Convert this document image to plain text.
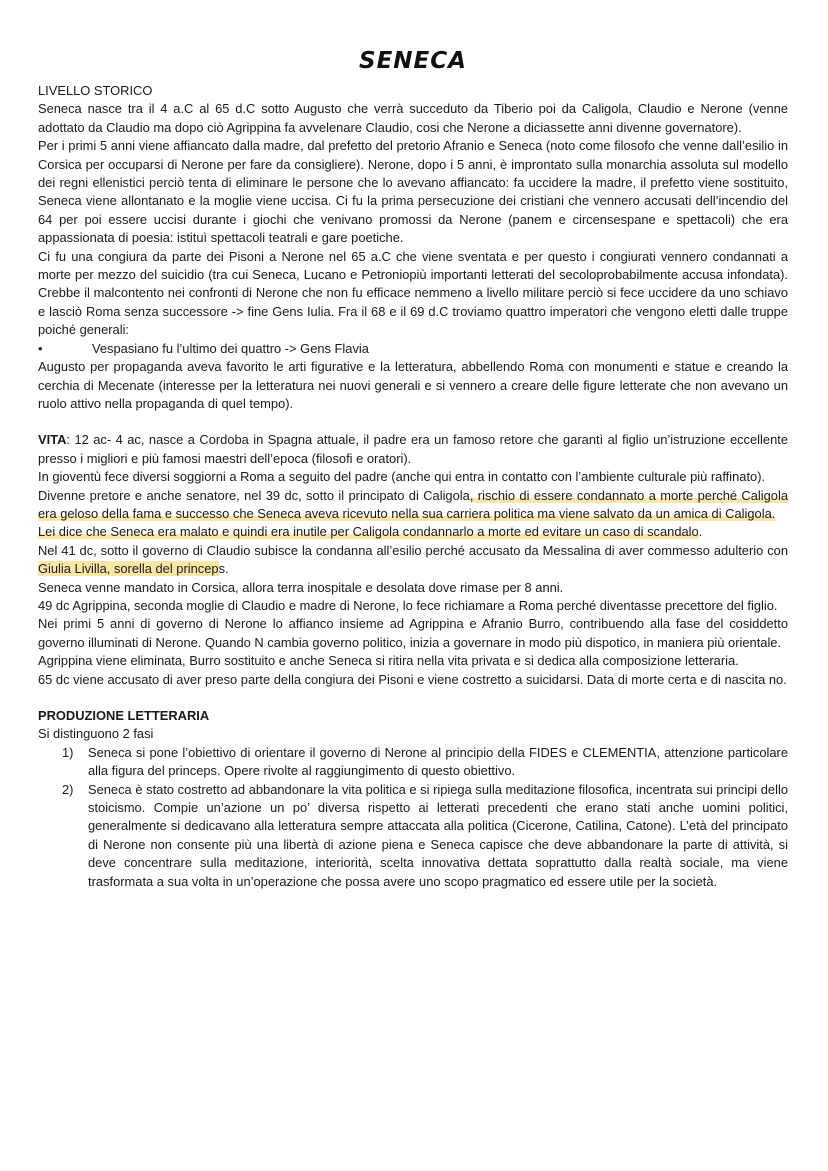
SENECA

LIVELLO STORICO

Seneca nasce tra il 4 a.C al 65 d.C sotto Augusto che verrà succeduto da Tiberio poi da Caligola, Claudio e Nerone (venne adottato da Claudio ma dopo ciò Agrippina fa avvelenare Claudio, cosi che Nerone a diciassette anni divenne governatore).

Per i primi 5 anni viene affiancato dalla madre, dal prefetto del pretorio Afranio e Seneca (noto come filosofo che venne dall’esilio in Corsica per occuparsi di Nerone per fare da consigliere). Nerone, dopo i 5 anni, è improntato sulla monarchia assoluta sul modello dei regni ellenistici perciò tenta di eliminare le persone che lo avevano affiancato: fa uccidere la madre, il prefetto viene sostituito, Seneca viene allontanato e la moglie viene uccisa. Ci fu la prima persecuzione dei cristiani che vennero accusati dell’incendio del 64 per poi essere uccisi durante i giochi che venivano promossi da Nerone (panem e circensespane e spettacoli) che era appassionata di poesia: istituì spettacoli teatrali e gare poetiche.

Ci fu una congiura da parte dei Pisoni a Nerone nel 65 a.C che viene sventata e per questo i congiurati vennero condannati a morte per mezzo del suicidio (tra cui Seneca, Lucano e Petroniopiù importanti letterati del secoloprobabilmente accusa infondata). Crebbe il malcontento nei confronti di Nerone che non fu efficace nemmeno a livello militare perciò si fece uccidere da uno schiavo e lasciò Roma senza successore -> fine Gens Iulia. Fra il 68 e il 69 d.C troviamo quattro imperatori che vengono eletti dalle truppe poiché generali:

•	Vespasiano fu l’ultimo dei quattro -> Gens Flavia

Augusto per propaganda aveva favorito le arti figurative e la letteratura, abbellendo Roma con monumenti e statue e creando la cerchia di Mecenate (interesse per la letteratura nei nuovi generali e si vennero a creare delle figure letterate che non avevano un ruolo attivo nella propaganda di quel tempo).

VITA: 12 ac- 4 ac, nasce a Cordoba in Spagna attuale, il padre era un famoso retore che garantì al figlio un’istruzione eccellente presso i migliori e più famosi maestri dell’epoca (filosofi e oratori).

In gioventù fece diversi soggiorni a Roma a seguito del padre (anche qui entra in contatto con l’ambiente culturale più raffinato).

Divenne pretore e anche senatore, nel 39 dc, sotto il principato di Caligola, rischio di essere condannato a morte perché Caligola era geloso della fama e successo che Seneca aveva ricevuto nella sua carriera politica ma viene salvato da un amica di Caligola.

Lei dice che Seneca era malato e quindi era inutile per Caligola condannarlo a morte ed evitare un caso di scandalo.

Nel 41 dc, sotto il governo di Claudio subisce la condanna all’esilio perché accusato da Messalina di aver commesso adulterio con Giulia Livilla, sorella del princeps.

Seneca venne mandato in Corsica, allora terra inospitale e desolata dove rimase per 8 anni.

49 dc Agrippina, seconda moglie di Claudio e madre di Nerone, lo fece richiamare a Roma perché diventasse precettore del figlio.

Nei primi 5 anni di governo di Nerone lo affianco insieme ad Agrippina e Afranio Burro, contribuendo alla fase del cosiddetto governo illuminati di Nerone. Quando N cambia governo politico, inizia a governare in modo più dispotico, in maniera più orientale.

Agrippina viene eliminata, Burro sostituito e anche Seneca si ritira nella vita privata e si dedica alla composizione letteraria.

65 dc viene accusato di aver preso parte della congiura dei Pisoni e viene costretto a suicidarsi. Data di morte certa e di nascita no.

PRODUZIONE LETTERARIA

Si distinguono 2 fasi

1)	Seneca si pone l’obiettivo di orientare il governo di Nerone al principio della FIDES e CLEMENTIA, attenzione particolare alla figura del princeps. Opere rivolte al raggiungimento di questo obiettivo.
2)	Seneca è stato costretto ad abbandonare la vita politica e si ripiega sulla meditazione filosofica, incentrata sui principi dello stoicismo. Compie un’azione un po’ diversa rispetto ai letterati precedenti che erano stati anche uomini politici, generalmente si dedicavano alla letteratura sempre attaccata alla politica (Cicerone, Catilina, Catone). L’età del principato di Nerone non consente più una libertà di azione piena e Seneca capisce che deve abbandonare la parte di attività, si deve concentrare sulla meditazione, interiorità, scelta innovativa dettata soprattutto dalla realtà sociale, ma viene trasformata a sua volta in un’operazione che possa avere uno scopo pragmatico ed essere utile per la società.
